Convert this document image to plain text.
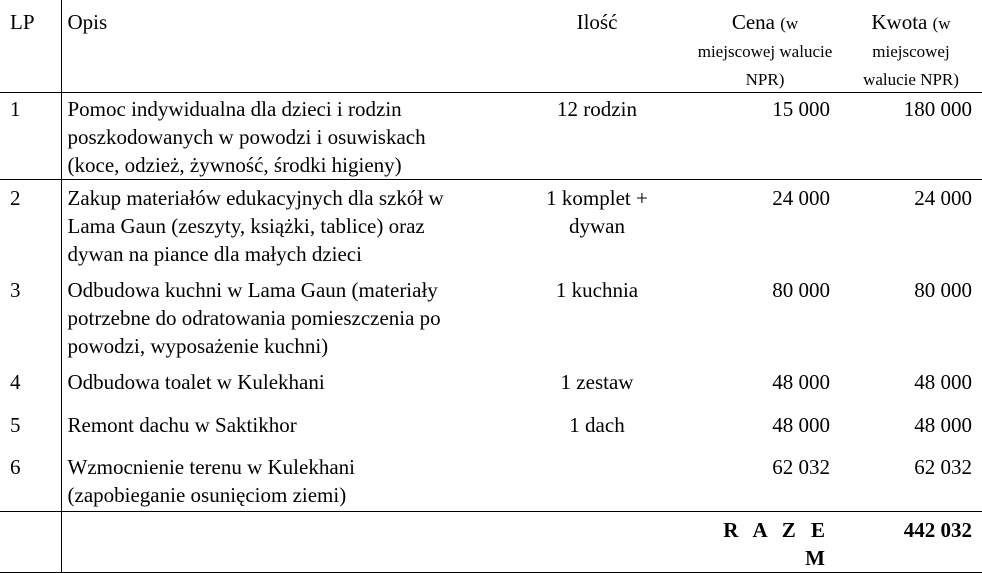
LP	Opis	Ilość	Cena (w
miejscowej walucie
NPR)	Kwota (w
miejscowej
walucie NPR)
1	Pomoc indywidualna dla dzieci i rodzin
poszkodowanych w powodzi i osuwiskach
(koce, odzież, żywność, środki higieny)	12 rodzin	15 000	180 000
2	Zakup materiałów edukacyjnych dla szkół w
Lama Gaun (zeszyty, książki, tablice) oraz
dywan na piance dla małych dzieci	1 komplet +
dywan	24 000	24 000
3	Odbudowa kuchni w Lama Gaun (materiały
potrzebne do odratowania pomieszczenia po
powodzi, wyposażenie kuchni)	1 kuchnia	80 000	80 000
4	Odbudowa toalet w Kulekhani	1 zestaw	48 000	48 000
5	Remont dachu w Saktikhor	1 dach	48 000	48 000
6	Wzmocnienie terenu w Kulekhani
(zapobieganie osunięciom ziemi)		62 032	62 032
			R A Z E M	442 032
